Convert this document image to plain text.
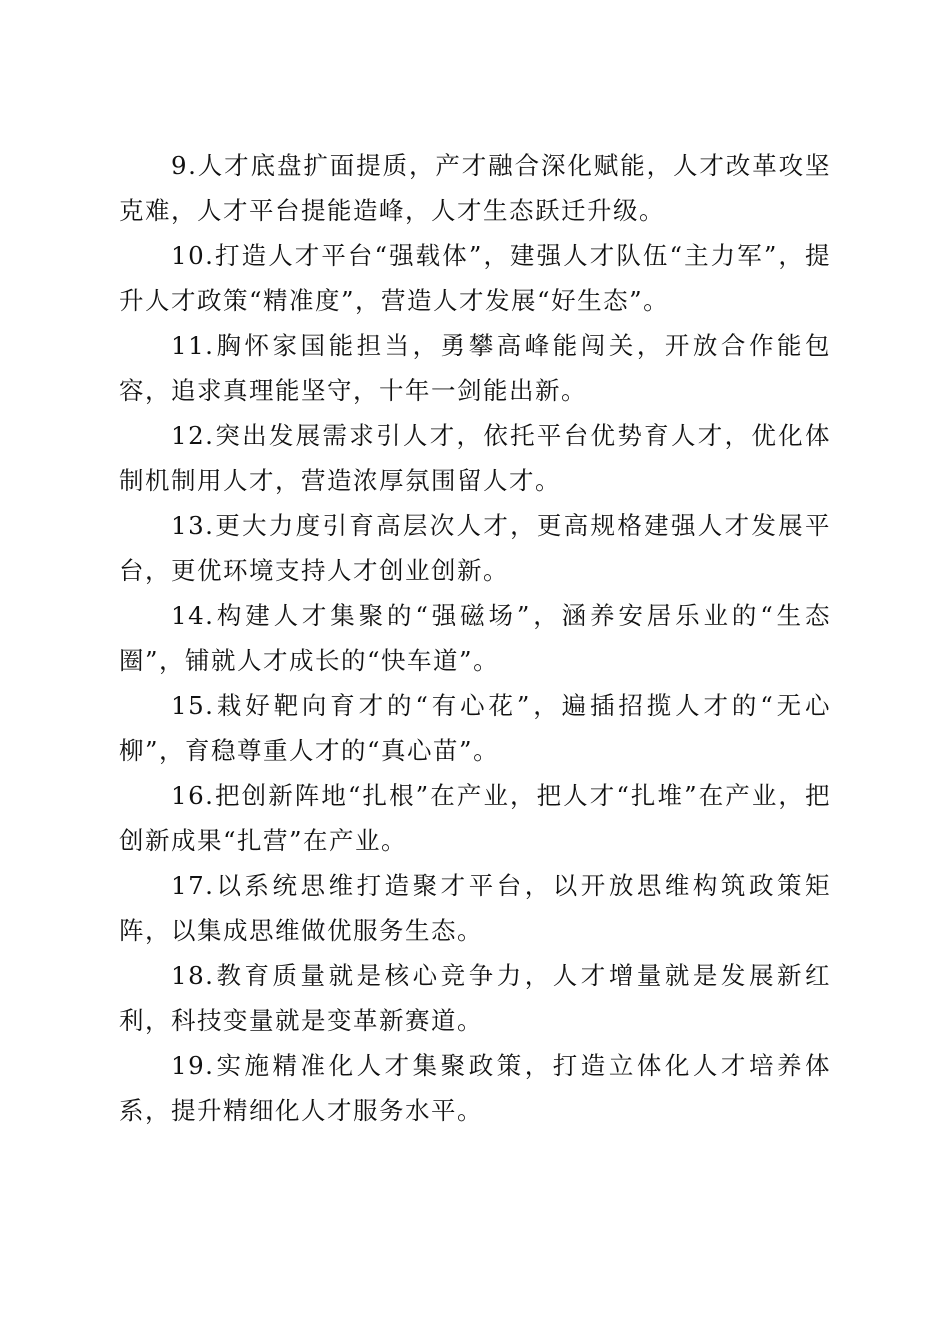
9.人才底盘扩面提质，产才融合深化赋能，人才改革攻坚克难，人才平台提能造峰，人才生态跃迁升级。

10.打造人才平台“强载体”，建强人才队伍“主力军”，提升人才政策“精准度”，营造人才发展“好生态”。

11.胸怀家国能担当，勇攀高峰能闯关，开放合作能包容，追求真理能坚守，十年一剑能出新。

12.突出发展需求引人才，依托平台优势育人才，优化体制机制用人才，营造浓厚氛围留人才。

13.更大力度引育高层次人才，更高规格建强人才发展平台，更优环境支持人才创业创新。

14.构建人才集聚的“强磁场”，涵养安居乐业的“生态圈”，铺就人才成长的“快车道”。

15.栽好靶向育才的“有心花”，遍插招揽人才的“无心柳”，育稳尊重人才的“真心苗”。

16.把创新阵地“扎根”在产业，把人才“扎堆”在产业，把创新成果“扎营”在产业。

17.以系统思维打造聚才平台，以开放思维构筑政策矩阵，以集成思维做优服务生态。

18.教育质量就是核心竞争力，人才增量就是发展新红利，科技变量就是变革新赛道。

19.实施精准化人才集聚政策，打造立体化人才培养体系，提升精细化人才服务水平。
